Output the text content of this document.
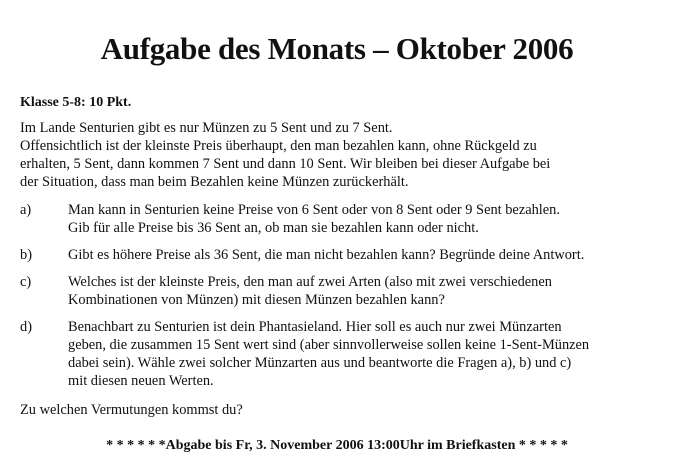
Aufgabe des Monats – Oktober 2006
Klasse 5-8: 10 Pkt.
Im Lande Senturien gibt es nur Münzen zu 5 Sent und zu 7 Sent.
Offensichtlich ist der kleinste Preis überhaupt, den man bezahlen kann, ohne Rückgeld zu
erhalten, 5 Sent, dann kommen 7 Sent und dann 10 Sent. Wir bleiben bei dieser Aufgabe bei
der Situation, dass man beim Bezahlen keine Münzen zurückerhält.
a)	Man kann in Senturien keine Preise von 6 Sent oder von 8 Sent oder 9 Sent bezahlen.
Gib für alle Preise bis 36 Sent an, ob man sie bezahlen kann oder nicht.
b)	Gibt es höhere Preise als 36 Sent, die man nicht bezahlen kann? Begründe deine Antwort.
c)	Welches ist der kleinste Preis, den man auf zwei Arten (also mit zwei verschiedenen
Kombinationen von Münzen) mit diesen Münzen bezahlen kann?
d)	Benachbart zu Senturien ist dein Phantasieland. Hier soll es auch nur zwei Münzarten
geben, die zusammen 15 Sent wert sind (aber sinnvollerweise sollen keine 1-Sent-Münzen
dabei sein). Wähle zwei solcher Münzarten aus und beantworte die Fragen a), b) und c)
mit diesen neuen Werten.
Zu welchen Vermutungen kommst du?
* * * * * *Abgabe bis Fr, 3. November 2006 13:00Uhr im Briefkasten * * * * *
